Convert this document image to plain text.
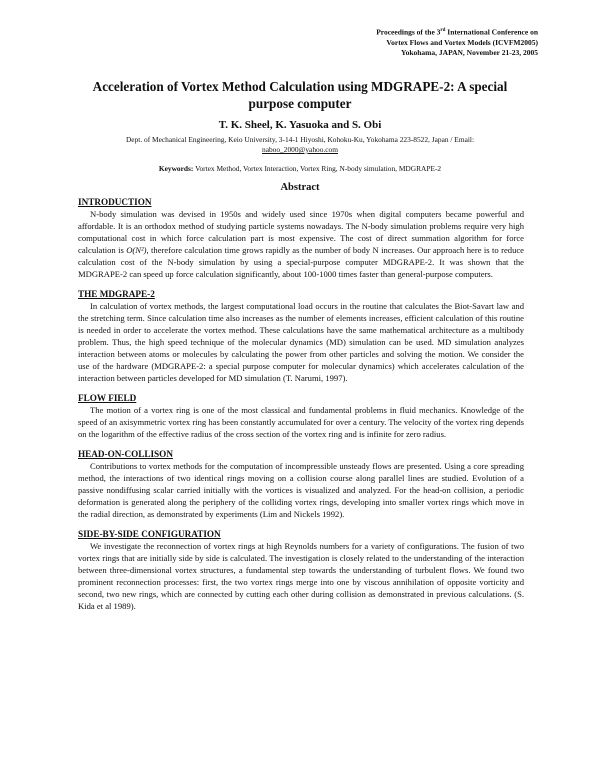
Proceedings of the 3rd International Conference on
Vortex Flows and Vortex Models (ICVFM2005)
Yokohama, JAPAN, November 21-23, 2005
Acceleration of Vortex Method Calculation using MDGRAPE-2: A special purpose computer
T. K. Sheel, K. Yasuoka and S. Obi
Dept. of Mechanical Engineering, Keio University, 3-14-1 Hiyoshi, Kohoku-Ku, Yokohama 223-8522, Japan / Email:
naboo_2000@yahoo.com
Keywords: Vortex Method, Vortex Interaction, Vortex Ring, N-body simulation, MDGRAPE-2
Abstract
INTRODUCTION

N-body simulation was devised in 1950s and widely used since 1970s when digital computers became powerful and affordable. It is an orthodox method of studying particle systems nowadays. The N-body simulation problems require very high computational cost in which force calculation part is most expensive. The cost of direct summation algorithm for force calculation is O(N²), therefore calculation time grows rapidly as the number of body N increases. Our approach here is to reduce calculation cost of the N-body simulation by using a special-purpose computer MDGRAPE-2. It was shown that the MDGRAPE-2 can speed up force calculation significantly, about 100-1000 times faster than general-purpose computers.

THE MDGRAPE-2

In calculation of vortex methods, the largest computational load occurs in the routine that calculates the Biot-Savart law and the stretching term. Since calculation time also increases as the number of elements increases, efficient calculation of this routine is needed in order to accelerate the vortex method. These calculations have the same mathematical architecture as a multibody problem. Thus, the high speed technique of the molecular dynamics (MD) simulation can be used. MD simulation analyzes interaction between atoms or molecules by calculating the power from other particles and solving the motion. We consider the use of the hardware (MDGRAPE-2: a special purpose computer for molecular dynamics) which accelerates calculation of the interaction between particles developed for MD simulation (T. Narumi, 1997).

FLOW FIELD

The motion of a vortex ring is one of the most classical and fundamental problems in fluid mechanics. Knowledge of the speed of an axisymmetric vortex ring has been constantly accumulated for over a century. The velocity of the vortex ring depends on the logarithm of the effective radius of the cross section of the vortex ring and is infinite for zero radius.

HEAD-ON-COLLISON

Contributions to vortex methods for the computation of incompressible unsteady flows are presented. Using a core spreading method, the interactions of two identical rings moving on a collision course along parallel lines are studied. Evolution of a passive nondiffusing scalar carried initially with the vortices is visualized and analyzed. For the head-on collision, a periodic deformation is generated along the periphery of the colliding vortex rings, developing into smaller vortex rings which move in the radial direction, as demonstrated by experiments (Lim and Nickels 1992).

SIDE-BY-SIDE CONFIGURATION

We investigate the reconnection of vortex rings at high Reynolds numbers for a variety of configurations. The fusion of two vortex rings that are initially side by side is calculated. The investigation is closely related to the understanding of the interaction between three-dimensional vortex structures, a fundamental step towards the understanding of turbulent flows. We found two prominent reconnection processes: first, the two vortex rings merge into one by viscous annihilation of opposite vorticity and second, two new rings, which are connected by cutting each other during collision as demonstrated in previous calculations. (S. Kida et al 1989).
